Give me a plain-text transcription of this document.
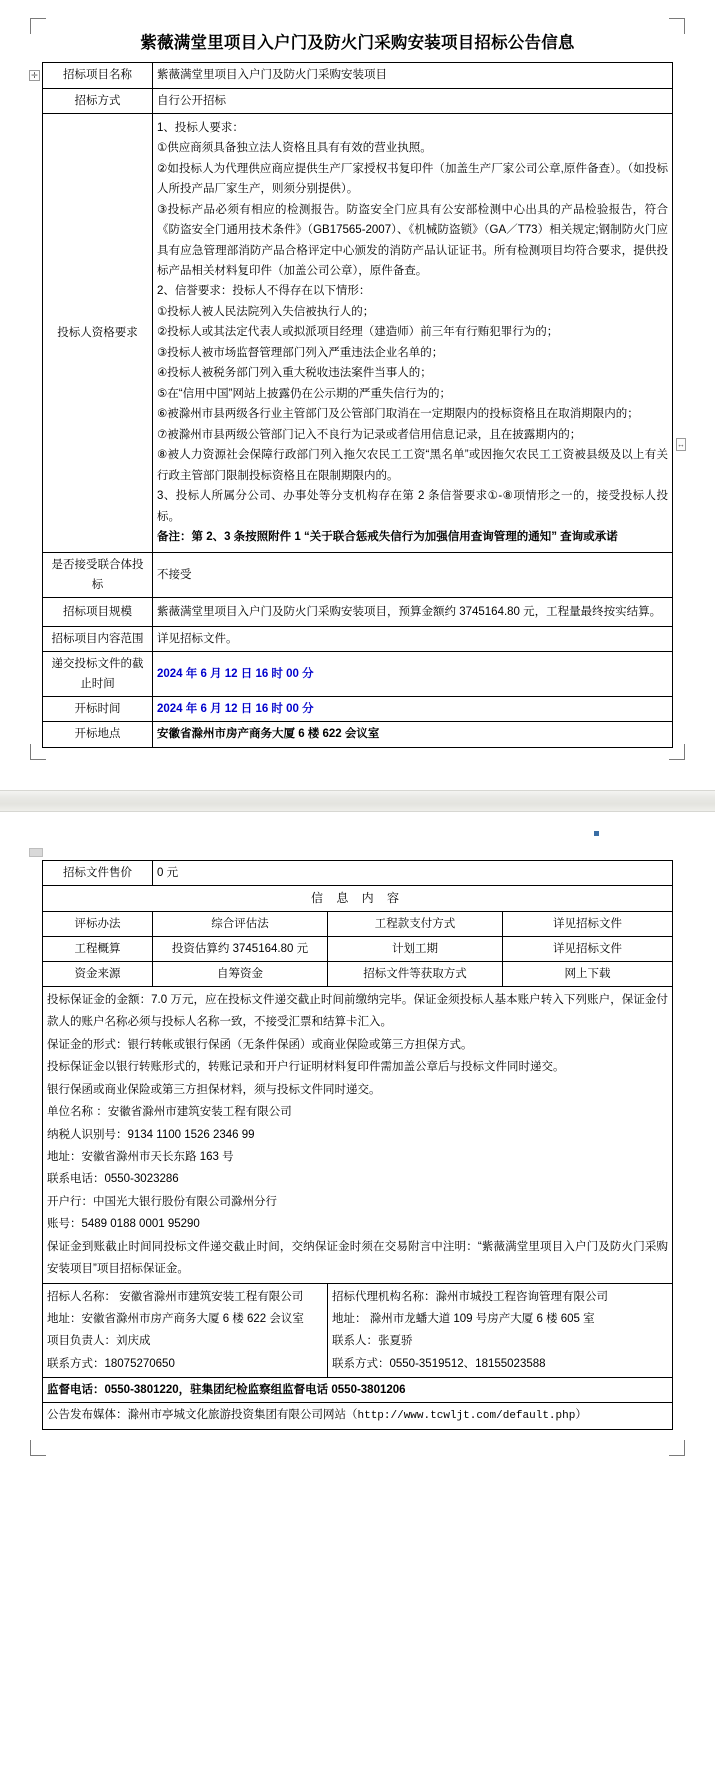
✛
↔
紫薇满堂里项目入户门及防火门采购安装项目招标公告信息
招标项目名称	紫薇满堂里项目入户门及防火门采购安装项目
招标方式	自行公开招标
投标人资格要求	

1、投标人要求：

①供应商须具备独立法人资格且具有有效的营业执照。

②如投标人为代理供应商应提供生产厂家授权书复印件（加盖生产厂家公司公章,原件备查）。（如投标人所投产品厂家生产，则须分别提供）。

③投标产品必须有相应的检测报告。防盗安全门应具有公安部检测中心出具的产品检验报告，符合《防盗安全门通用技术条件》（GB17565-2007）、《机械防盗锁》（GA／T73）相关规定;钢制防火门应具有应急管理部消防产品合格评定中心颁发的消防产品认证证书。所有检测项目均符合要求，提供投标产品相关材料复印件（加盖公司公章），原件备查。

2、信誉要求：投标人不得存在以下情形：

①投标人被人民法院列入失信被执行人的；

②投标人或其法定代表人或拟派项目经理（建造师）前三年有行贿犯罪行为的；

③投标人被市场监督管理部门列入严重违法企业名单的；

④投标人被税务部门列入重大税收违法案件当事人的；

⑤在“信用中国”网站上披露仍在公示期的严重失信行为的；

⑥被滁州市县两级各行业主管部门及公管部门取消在一定期限内的投标资格且在取消期限内的；

⑦被滁州市县两级公管部门记入不良行为记录或者信用信息记录，且在披露期内的；

⑧被人力资源社会保障行政部门列入拖欠农民工工资“黑名单”或因拖欠农民工工资被县级及以上有关行政主管部门限制投标资格且在限制期限内的。

3、投标人所属分公司、办事处等分支机构存在第 2 条信誉要求①-⑧项情形之一的，接受投标人投标。

备注：第 2、3 条按照附件 1 “关于联合惩戒失信行为加强信用查询管理的通知” 查询或承诺

是否接受联合体投标	不接受
招标项目规模	紫薇满堂里项目入户门及防火门采购安装项目，预算金额约 3745164.80 元，工程量最终按实结算。
招标项目内容范围	详见招标文件。
递交投标文件的截止时间	2024 年 6 月 12 日 16 时 00 分
开标时间	2024 年 6 月 12 日 16 时 00 分
开标地点	安徽省滁州市房产商务大厦 6 楼 622 会议室
招标文件售价	0 元		
信 息 内 容			
评标办法	综合评估法	工程款支付方式	详见招标文件
工程概算	投资估算约 3745164.80 元	计划工期	详见招标文件
资金来源	自筹资金	招标文件等获取方式	网上下载

投标保证金的金额：7.0 万元，应在投标文件递交截止时间前缴纳完毕。保证金须投标人基本账户转入下列账户，保证金付款人的账户名称必须与投标人名称一致，不接受汇票和结算卡汇入。

保证金的形式：银行转帐或银行保函（无条件保函）或商业保险或第三方担保方式。

投标保证金以银行转账形式的，转账记录和开户行证明材料复印件需加盖公章后与投标文件同时递交。

银行保函或商业保险或第三方担保材料，须与投标文件同时递交。

单位名称 ：安徽省滁州市建筑安装工程有限公司

纳税人识别号：9134 1100 1526 2346 99

地址：安徽省滁州市天长东路 163 号

联系电话：0550-3023286

开户行：中国光大银行股份有限公司滁州分行

账号：5489 0188 0001 95290

保证金到账截止时间同投标文件递交截止时间，交纳保证金时须在交易附言中注明：“紫薇满堂里项目入户门及防火门采购安装项目”项目招标保证金。

招标人名称： 安徽省滁州市建筑安装工程有限公司

地址：安徽省滁州市房产商务大厦 6 楼 622 会议室

项目负责人：刘庆成

联系方式：18075270650

招标代理机构名称：滁州市城投工程咨询管理有限公司

地址： 滁州市龙蟠大道 109 号房产大厦 6 楼 605 室

联系人：张夏骄

联系方式：0550-3519512、18155023588

监督电话：0550-3801220，驻集团纪检监察组监督电话 0550-3801206			
公告发布媒体：滁州市亭城文化旅游投资集团有限公司网站（http://www.tcwljt.com/default.php）			
